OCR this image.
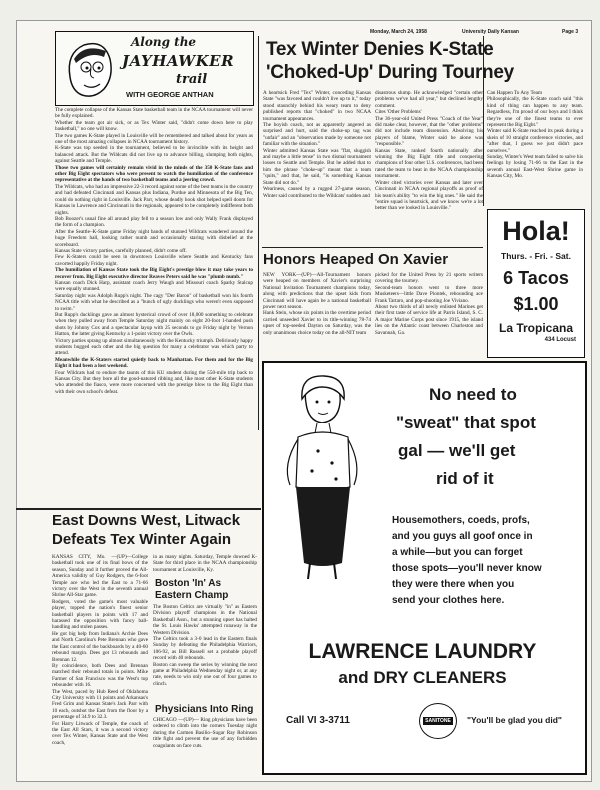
Monday, March 24, 1958	University Daily Kansan	Page 3
Along the
JAYHAWKER
trail
WITH GEORGE ANTHAN
The complete collapse of the Kansas State basketball team in the NCAA tournament will never be fully explained.
Whether the team got air sick, or as Tex Winter said, "didn't come down here to play basketball," no one will know.
The two games K-State played in Louisville will be remembered and talked about for years as one of the most amazing collapses in NCAA tournament history.
K-State was top seeded in the tournament, believed to be invincible with its height and balanced attack. But the Wildcats did not live up to advance billing, slumping both nights, against Seattle and Temple.
Those two games will certainly remain vivid in the minds of the 350 K-State fans and other Big Eight spectators who were present to watch the humiliation of the conference representative at the hands of two basketball teams and a jeering crowd.
The Wildcats, who had an impressive 22-3 record against some of the best teams in the country and had defeated Cincinnati and Kansas plus Indiana, Purdue and Minnesota of the Big Ten, could do nothing right in Louisville. Jack Parr, whose deadly hook shot helped spell doom for Kansas in Lawrence and Cincinnati in the regionals, appeared to be completely indifferent both nights.
Bob Boozer's usual fine all around play fell to a season low and only Wally Frank displayed the form of a champion.
After the Seattle–K-State game Friday night bands of stunned Wildcats wandered around the huge Freedom hall, looking rather numb and occasionally staring with disbelief at the scoreboard.
Kansas State victory parties, carefully planned, didn't come off.
Few K-Staters could be seen in downtown Louisville where Seattle and Kentucky fans cavorted happily Friday night.
The humiliation of Kansas State took the Big Eight's prestige blow it may take years to recover from. Big Eight executive director Reaves Peters said he was "plumb numb."
Kansan coach Dick Harp, assistant coach Jerry Waugh and Missouri coach Sparky Stalcup were equally stunned.
Saturday night was Adolph Rupp's night. The cagy "Der Baron" of basketball won his fourth NCAA title with what he described as a "bunch of ugly ducklings who weren't even supposed to swim."
But Rupp's ducklings gave an almost hysterical crowd of over 18,000 something to celebrate when they pulled away from Temple Saturday night mainly on eight 20-foot 1-handed push shots by Johnny Cox and a spectacular layup with 25 seconds to go Friday night by Vernon Hatton, the latter giving Kentucky a 1-point victory over the Owls.
Victory parties sprang up almost simultaneously with the Kentucky triumph. Deliriously happy students hugged each other and the big question for many a celebrator was which party to attend.
Meanwhile the K-Staters started quietly back to Manhattan. For them and for the Big Eight it had been a lost weekend.
Four Wildcats had to endure the taunts of this KU student during the 550-mile trip back to Kansas City. But they bore all the good-natured ribbing and, like most other K-State students who attended the fiasco, were more concerned with the prestige blow to the Big Eight than with their own school's defeat.
Tex Winter Denies K-State
'Choked-Up' During Tourney
A heartsick Fred "Tex" Winter, conceding Kansas State "was favored and couldn't live up to it," today stood staunchly behind his weary team to deny published reports that "choked" in two NCAA tournament appearances.
The boyish coach, not as apparently angered as surprised and hurt, said the choke-up tag was "unfair" and an "observation made by someone not familiar with the situation."
Winter admitted Kansas State was "flat, sluggish and maybe a little tense" in two dismal tournament losses to Seattle and Temple. But he added that to him the phrase "choke-up" meant that a team "quits," and that, he said, "is something Kansas State did not do."
Weariness, caused by a rugged 27-game season, Winter said contributed to the Wildcats' sudden and
disastrous slump. He acknowledged "certain other problems we've had all year," but declined lengthy comment.
Cites 'Other Problems'
The 36-year-old United Press "Coach of the Year" did make clear, however, that the "other problems" did not include team dissension. Absolving his players of blame, Winter said he alone was "responsible."
Kansas State, ranked fourth nationally after winning the Big Eight title and conquering champions of four other U.S. conferences, had been rated the team to beat in the NCAA championship tournament.
Winter cited victories over Kansas and later over Cincinnati in NCAA regional playoffs as proof of his team's ability "to win the big ones." He said the "entire squad is heartsick, and we know we're a lot better than we looked in Louisville."
Can Happen To Any Team
Philosophically, the K-State coach said "this kind of thing can happen to any team. Regardless, I'm proud of our boys and I think they're one of the finest teams to ever represent the Big Eight."
Winter said K-State reached its peak during a skein of 10 straight conference victories, and "after that, I guess we just didn't pace ourselves."
Sunday, Winter's West team failed to salve his feelings by losing 71-66 to the East in the seventh annual East-West Shrine game in Kansas City, Mo.
Honors Heaped On Xavier
NEW YORK—(UP)—All-Tournament honors were heaped on members of Xavier's surprising National Invitation Tournament champions today, along with predictions that the upset kids from Cincinnati will have again be a national basketball power next season.
Hank Stein, whose six points in the overtime period carried unseeded Xavier to its title-winning 78-74 upset of top-seeded Dayton on Saturday, was the only unanimous choice today on the all-NIT team
picked for the United Press by 21 sports writers covering the tourney.
Second-team honors went to three more Musketeers—little Dave Piontek, rebounding ace Frank Tartaro, and pop-shooting Joe Viviano.
About two thirds of all newly enlisted Marines get their first taste of service life at Parris Island, S. C. A major Marine Corps post since 1915, the island lies on the Atlantic coast between Charleston and Savannah, Ga.
Hola!
Thurs. - Fri. - Sat.
6 Tacos
$1.00
La Tropicana
434 Locust
East Downs West, Litwack
Defeats Tex Winter Again
KANSAS CITY, Mo. —(UP)—College basketball took one of its final bows of the season, Sunday and it further proved the All-America validity of Guy Rodgers, the 6-foot Temple ace who led the East to a 71-66 victory over the West in the seventh annual Shrine All-Star game.
Rodgers, voted the game's most valuable player, topped the nation's finest senior basketball players in points with 17 and harassed the opposition with fancy ball-handling and stolen passes.
He got big help from Indiana's Archie Dees and North Carolina's Pete Brennan who gave the East control of the backboards by a 40-60 rebound margin. Dees got 13 rebounds and Brennan 12.
By coincidence, both Dees and Brennan matched their rebound totals in points. Mike Farmer of San Francisco was the West's top rebounder with 16.
The West, paced by Hub Reed of Oklahoma City University with 11 points and Arkansas's Fred Grim and Kansas State's Jack Parr with 10 each, outshot the East from the floor by a percentage of 34.9 to 32.3.
For Harry Litwack of Temple, the coach of the East All Stars, it was a second victory over Tex Winter, Kansas State and the West coach,
in as many nights. Saturday, Temple downed K-State for third place in the NCAA championship tournament at Louisville, Ky.
Boston 'In' As
Eastern Champ
The Boston Celtics are virtually "in" as Eastern Division playoff champions in the National Basketball Assn., but a stunning upset has halted the St. Louis Hawks' attempted runaway in the Western Division.
The Celtics took a 3-0 lead in the Eastern finals Sunday by defeating the Philadelphia Warriors, 106-92, as Bill Russell set a probable playoff record with 40 rebounds.
Boston can sweep the series by winning the next game at Philadelphia Wednesday night or, at any rate, needs to win only one out of four games to clinch.
Physicians Into Ring
CHICAGO —(UP)— Ring physicians have been ordered to climb into the corners Tuesday night during the Carmen Basilio–Sugar Ray Robinson title fight and prevent the use of any forbidden coagulants on face cuts.
No need to
"sweat" that spot
gal — we'll get
rid of it
Housemothers, coeds, profs,
and you guys all goof once in
a while—but you can forget
those spots—you'll never know
they were there when you
send your clothes here.
LAWRENCE LAUNDRY
and DRY CLEANERS
Call VI 3-3711	SANITONE "You'll be glad you did"
